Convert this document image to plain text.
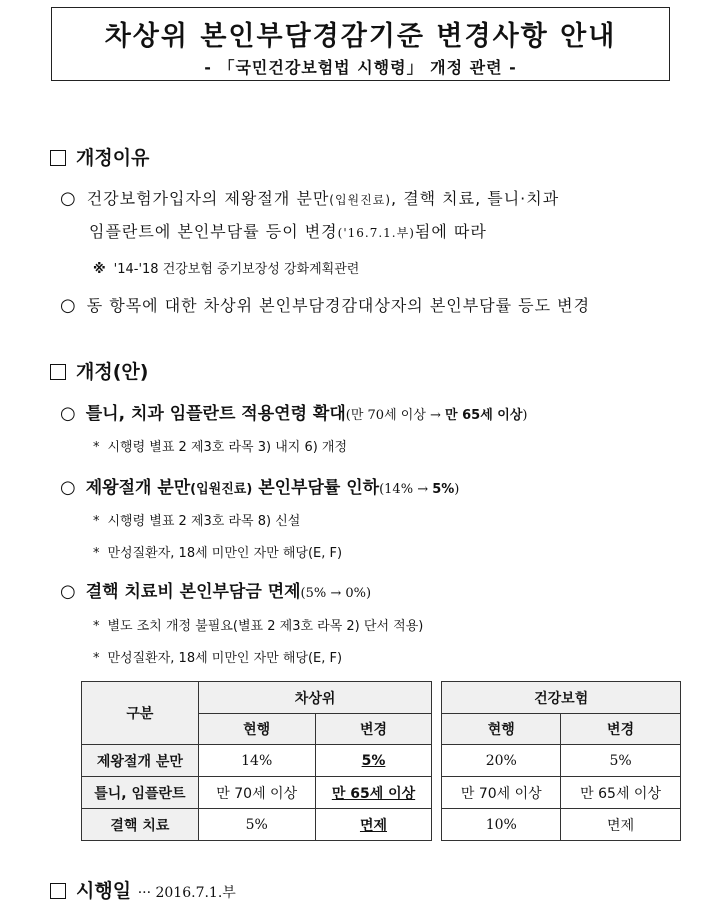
차상위 본인부담경감기준 변경사항 안내
- 「국민건강보험법 시행령」 개정 관련 -
개정이유
○ 건강보험가입자의 제왕절개 분만(입원진료), 결핵 치료, 틀니·치과
임플란트에 본인부담률 등이 변경('16.7.1.부)됨에 따라
※ '14-'18 건강보험 중기보장성 강화계획관련
○ 동 항목에 대한 차상위 본인부담경감대상자의 본인부담률 등도 변경
개정(안)
○ 틀니, 치과 임플란트 적용연령 확대(만 70세 이상 → 만 65세 이상)
* 시행령 별표 2 제3호 라목 3) 내지 6) 개정
○ 제왕절개 분만(입원진료) 본인부담률 인하(14% → 5%)
* 시행령 별표 2 제3호 라목 8) 신설
* 만성질환자, 18세 미만인 자만 해당(E, F)
○ 결핵 치료비 본인부담금 면제(5% → 0%)
* 별도 조치 개정 불필요(별표 2 제3호 라목 2) 단서 적용)
* 만성질환자, 18세 미만인 자만 해당(E, F)
구분	차상위			건강보험	
	현행	변경		현행	변경
제왕절개 분만	14%	5%		20%	5%
틀니, 임플란트	만 70세 이상	만 65세 이상		만 70세 이상	만 65세 이상
결핵 치료	5%	면제		10%	면제
시행일 ··· 2016.7.1.부
